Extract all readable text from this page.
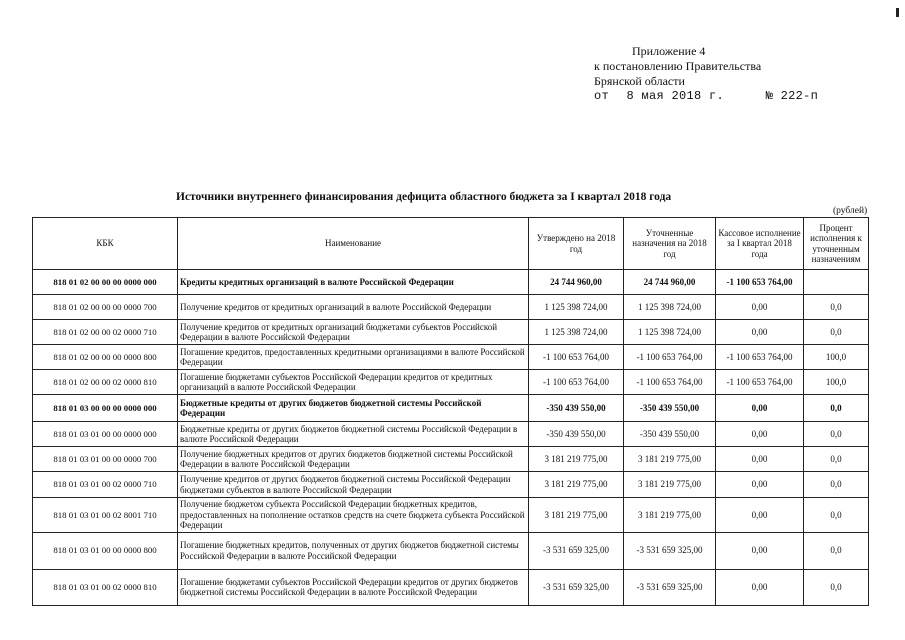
Приложение 4
к постановлению Правительства
Брянской области
от 8 мая 2018 г.	№ 222-п
Источники внутреннего финансирования дефицита областного бюджета за I квартал 2018 года
(рублей)
КБК	Наименование	Утверждено на 2018 год	Уточненные назначения на 2018 год	Кассовое исполнение за I квартал 2018 года	Процент исполнения к уточненным назначениям
818 01 02 00 00 00 0000 000	Кредиты кредитных организаций в валюте Российской Федерации	24 744 960,00	24 744 960,00	-1 100 653 764,00	
818 01 02 00 00 00 0000 700	Получение кредитов от кредитных организаций в валюте Российской Федерации	1 125 398 724,00	1 125 398 724,00	0,00	0,0
818 01 02 00 00 02 0000 710	Получение кредитов от кредитных организаций бюджетами субъектов Российской Федерации в валюте Российской Федерации	1 125 398 724,00	1 125 398 724,00	0,00	0,0
818 01 02 00 00 00 0000 800	Погашение кредитов, предоставленных кредитными организациями в валюте Российской Федерации	-1 100 653 764,00	-1 100 653 764,00	-1 100 653 764,00	100,0
818 01 02 00 00 02 0000 810	Погашение бюджетами субъектов Российской Федерации кредитов от кредитных организаций в валюте Российской Федерации	-1 100 653 764,00	-1 100 653 764,00	-1 100 653 764,00	100,0
818 01 03 00 00 00 0000 000	Бюджетные кредиты от других бюджетов бюджетной системы Российской Федерации	-350 439 550,00	-350 439 550,00	0,00	0,0
818 01 03 01 00 00 0000 000	Бюджетные кредиты от других бюджетов бюджетной системы Российской Федерации в валюте Российской Федерации	-350 439 550,00	-350 439 550,00	0,00	0,0
818 01 03 01 00 00 0000 700	Получение бюджетных кредитов от других бюджетов бюджетной системы Российской Федерации в валюте Российской Федерации	3 181 219 775,00	3 181 219 775,00	0,00	0,0
818 01 03 01 00 02 0000 710	Получение кредитов от других бюджетов бюджетной системы Российской Федерации бюджетами субъектов в валюте Российской Федерации	3 181 219 775,00	3 181 219 775,00	0,00	0,0
818 01 03 01 00 02 8001 710	Получение бюджетом субъекта Российской Федерации бюджетных кредитов, предоставленных на пополнение остатков средств на счете бюджета субъекта Российской Федерации	3 181 219 775,00	3 181 219 775,00	0,00	0,0
818 01 03 01 00 00 0000 800	Погашение бюджетных кредитов, полученных от других бюджетов бюджетной системы Российской Федерации в валюте Российской Федерации	-3 531 659 325,00	-3 531 659 325,00	0,00	0,0
818 01 03 01 00 02 0000 810	Погашение бюджетами субъектов Российской Федерации кредитов от других бюджетов бюджетной системы Российской Федерации в валюте Российской Федерации	-3 531 659 325,00	-3 531 659 325,00	0,00	0,0
